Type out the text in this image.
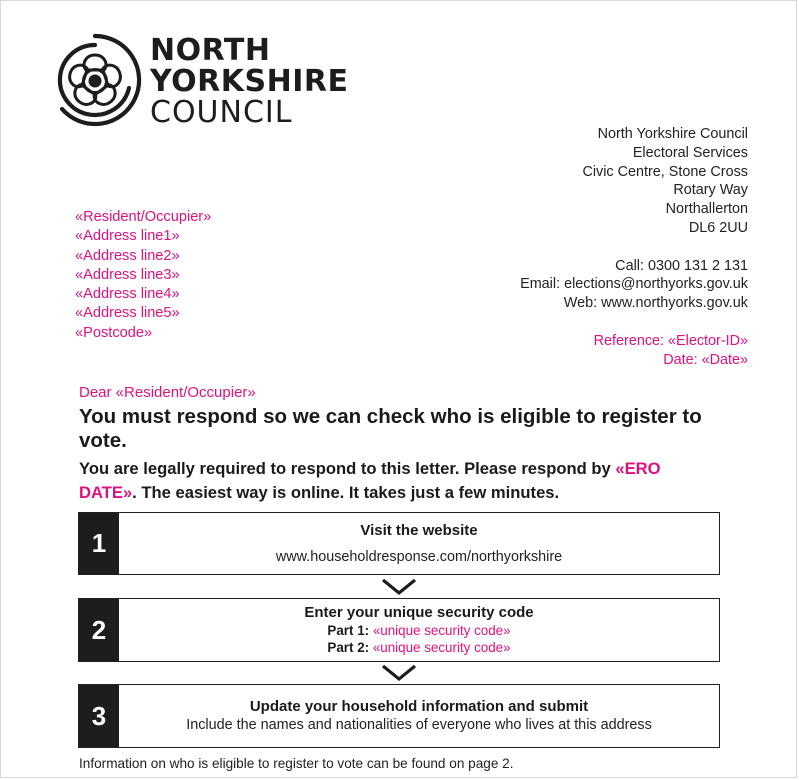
NORTH
YORKSHIRE
COUNCIL
North Yorkshire Council
Electoral Services
Civic Centre, Stone Cross
Rotary Way
Northallerton
DL6 2UU
Call: 0300 131 2 131
Email: elections@northyorks.gov.uk
Web: www.northyorks.gov.uk
Reference: «Elector-ID»
Date: «Date»
«Resident/Occupier»
«Address line1»
«Address line2»
«Address line3»
«Address line4»
«Address line5»
«Postcode»
Dear «Resident/Occupier»
You must respond so we can check who is eligible to register to vote.
You are legally required to respond to this letter. Please respond by «ERO DATE». The easiest way is online. It takes just a few minutes.
1	Visit the website
www.householdresponse.com/northyorkshire
2
Enter your unique security code
Part 1: «unique security code»
Part 2: «unique security code»
3	Update your household information and submit
Include the names and nationalities of everyone who lives at this address
Information on who is eligible to register to vote can be found on page 2.
